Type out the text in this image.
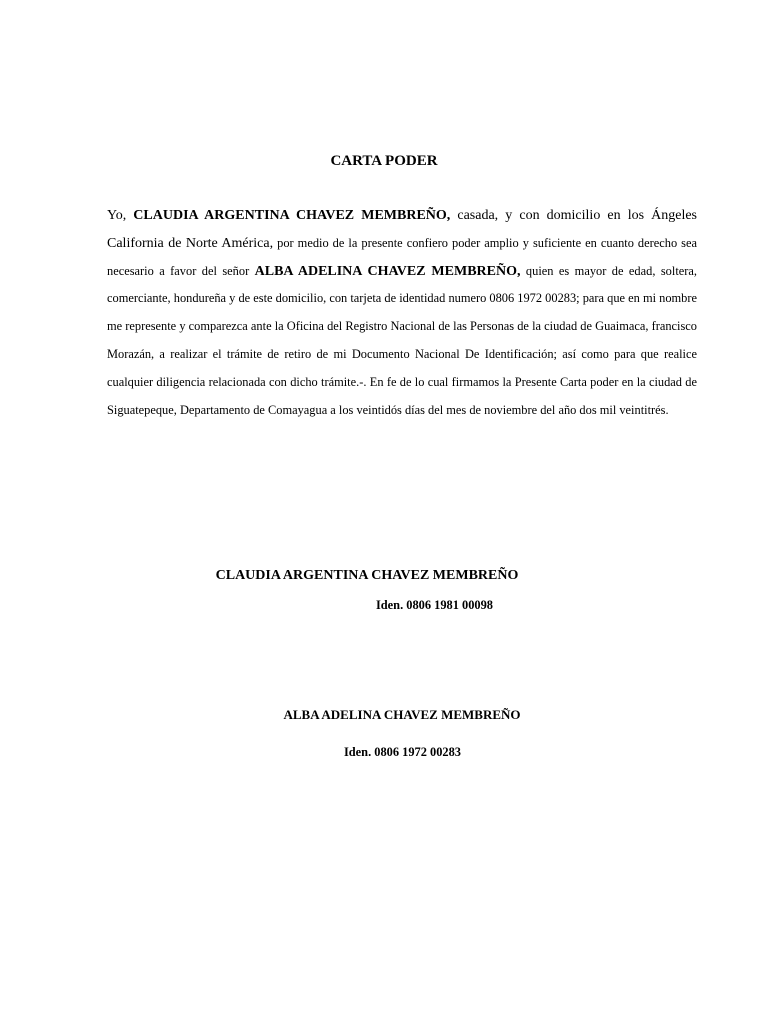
CARTA PODER
Yo, CLAUDIA ARGENTINA CHAVEZ MEMBREÑO, casada, y con domicilio en los Ángeles California de Norte América, por medio de la presente confiero poder amplio y suficiente en cuanto derecho sea necesario a favor del señor ALBA ADELINA CHAVEZ MEMBREÑO, quien es mayor de edad, soltera, comerciante, hondureña y de este domicilio, con tarjeta de identidad numero 0806 1972 00283; para que en mi nombre me represente y comparezca ante la Oficina del Registro Nacional de las Personas de la ciudad de Guaimaca, francisco Morazán, a realizar el trámite de retiro de mi Documento Nacional De Identificación; así como para que realice cualquier diligencia relacionada con dicho trámite.-. En fe de lo cual firmamos la Presente Carta poder en la ciudad de Siguatepeque, Departamento de Comayagua a los veintidós días del mes de noviembre del año dos mil veintitrés.
CLAUDIA ARGENTINA CHAVEZ MEMBREÑO
Iden. 0806 1981 00098
ALBA ADELINA CHAVEZ MEMBREÑO
Iden. 0806 1972 00283
